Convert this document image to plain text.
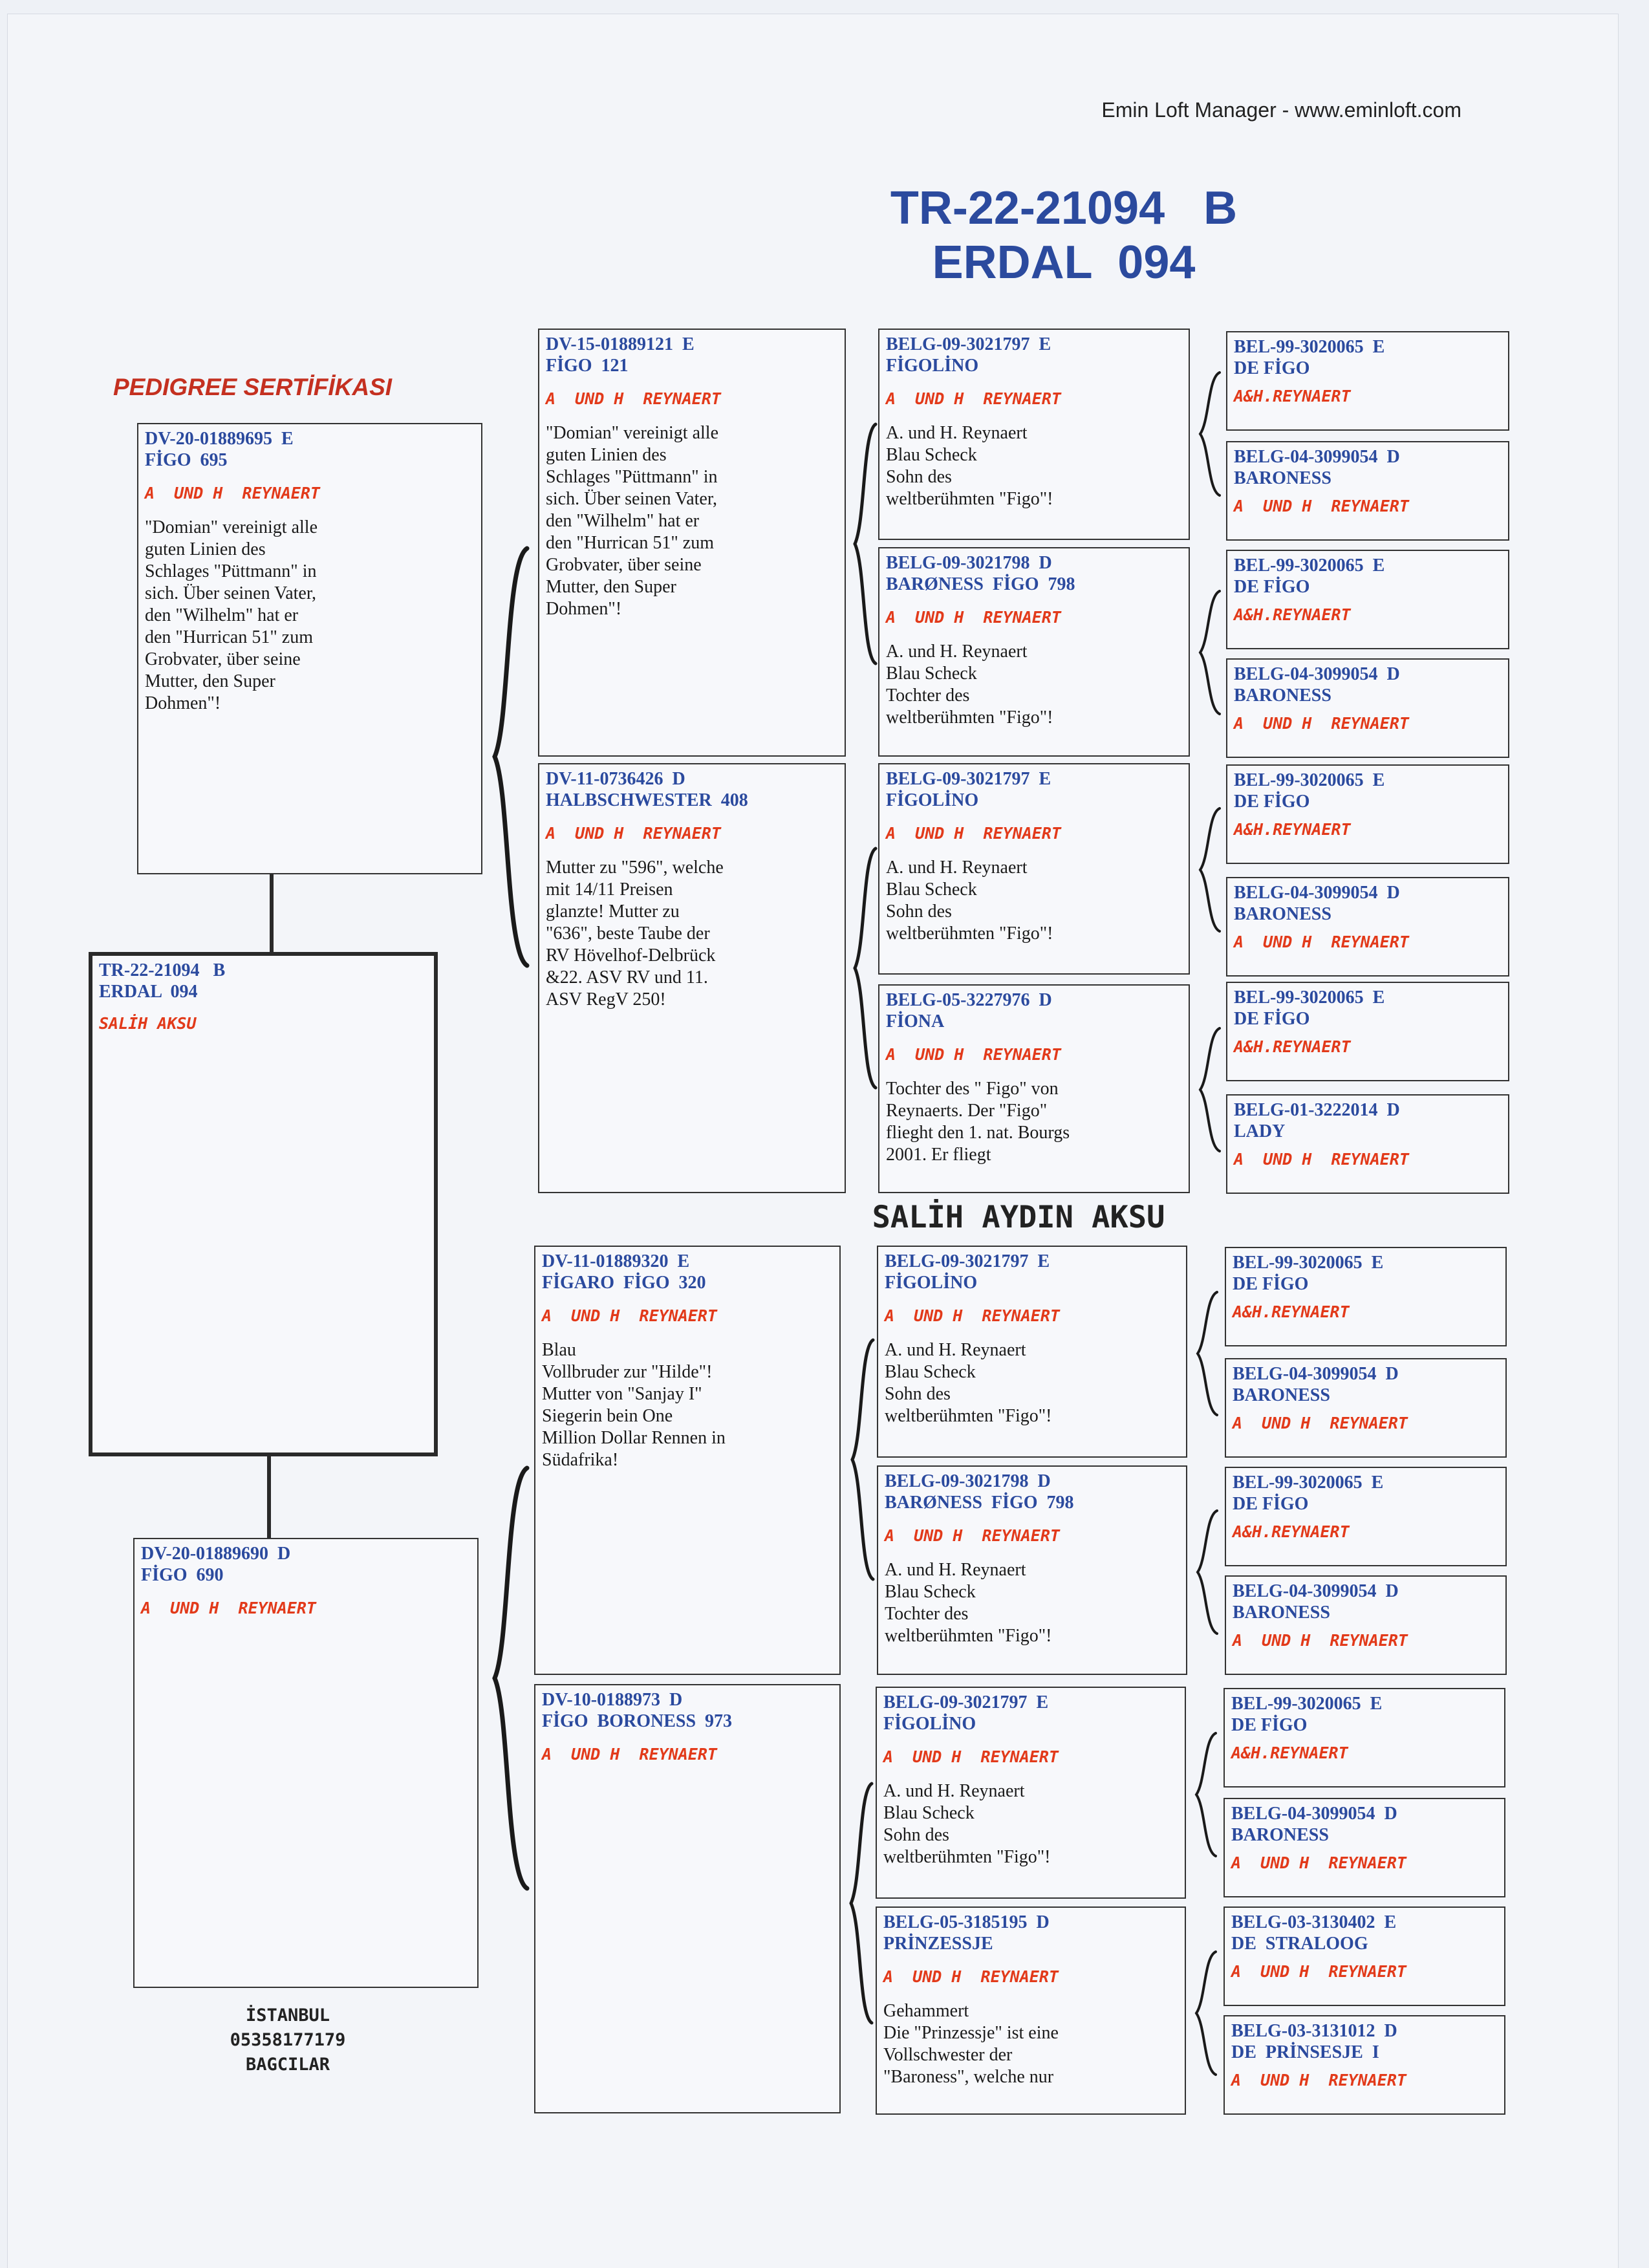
Emin Loft Manager - www.eminloft.com
TR-22-21094   B
ERDAL  094
PEDIGREE SERTİFİKASI
SALİH AYDIN AKSU
İSTANBUL
05358177179
BAGCILAR
TR-22-21094   B
ERDAL  094
SALİH AKSU
DV-20-01889695  E
FİGO  695
A  UND H  REYNAERT
"Domian" vereinigt alle
guten Linien des
Schlages "Püttmann" in
sich. Über seinen Vater,
den "Wilhelm" hat er
den "Hurrican 51" zum
Grobvater, über seine
Mutter, den Super
Dohmen"!
DV-20-01889690  D
FİGO  690
A  UND H  REYNAERT
DV-15-01889121  E
FİGO  121
A  UND H  REYNAERT
"Domian" vereinigt alle
guten Linien des
Schlages "Püttmann" in
sich. Über seinen Vater,
den "Wilhelm" hat er
den "Hurrican 51" zum
Grobvater, über seine
Mutter, den Super
Dohmen"!
DV-11-0736426  D
HALBSCHWESTER  408
A  UND H  REYNAERT
Mutter zu "596", welche
mit 14/11 Preisen
glanzte! Mutter zu
"636", beste Taube der
RV Hövelhof-Delbrück
&22. ASV RV und 11.
ASV RegV 250!
DV-11-01889320  E
FİGARO  FİGO  320
A  UND H  REYNAERT
Blau
Vollbruder zur "Hilde"!
Mutter von "Sanjay I"
Siegerin bein One
Million Dollar Rennen in
Südafrika!
DV-10-0188973  D
FİGO  BORONESS  973
A  UND H  REYNAERT
BELG-09-3021797  E
FİGOLİNO
A  UND H  REYNAERT
A. und H. Reynaert
Blau Scheck
Sohn des
weltberühmten "Figo"!
BELG-09-3021798  D
BARØNESS  FİGO  798
A  UND H  REYNAERT
A. und H. Reynaert
Blau Scheck
Tochter des
weltberühmten "Figo"!
BELG-09-3021797  E
FİGOLİNO
A  UND H  REYNAERT
A. und H. Reynaert
Blau Scheck
Sohn des
weltberühmten "Figo"!
BELG-05-3227976  D
FİONA
A  UND H  REYNAERT
Tochter des " Figo" von
Reynaerts. Der "Figo"
flieght den 1. nat. Bourgs
2001. Er fliegt
BELG-09-3021797  E
FİGOLİNO
A  UND H  REYNAERT
A. und H. Reynaert
Blau Scheck
Sohn des
weltberühmten "Figo"!
BELG-09-3021798  D
BARØNESS  FİGO  798
A  UND H  REYNAERT
A. und H. Reynaert
Blau Scheck
Tochter des
weltberühmten "Figo"!
BELG-09-3021797  E
FİGOLİNO
A  UND H  REYNAERT
A. und H. Reynaert
Blau Scheck
Sohn des
weltberühmten "Figo"!
BELG-05-3185195  D
PRİNZESSJE
A  UND H  REYNAERT
Gehammert
Die "Prinzessje" ist eine
Vollschwester der
"Baroness", welche nur
BEL-99-3020065  E
DE FİGO
A&H.REYNAERT
BELG-04-3099054  D
BARONESS
A  UND H  REYNAERT
BEL-99-3020065  E
DE FİGO
A&H.REYNAERT
BELG-04-3099054  D
BARONESS
A  UND H  REYNAERT
BEL-99-3020065  E
DE FİGO
A&H.REYNAERT
BELG-04-3099054  D
BARONESS
A  UND H  REYNAERT
BEL-99-3020065  E
DE FİGO
A&H.REYNAERT
BELG-01-3222014  D
LADY
A  UND H  REYNAERT
BEL-99-3020065  E
DE FİGO
A&H.REYNAERT
BELG-04-3099054  D
BARONESS
A  UND H  REYNAERT
BEL-99-3020065  E
DE FİGO
A&H.REYNAERT
BELG-04-3099054  D
BARONESS
A  UND H  REYNAERT
BEL-99-3020065  E
DE FİGO
A&H.REYNAERT
BELG-04-3099054  D
BARONESS
A  UND H  REYNAERT
BELG-03-3130402  E
DE  STRALOOG
A  UND H  REYNAERT
BELG-03-3131012  D
DE  PRİNSESJE  I
A  UND H  REYNAERT
